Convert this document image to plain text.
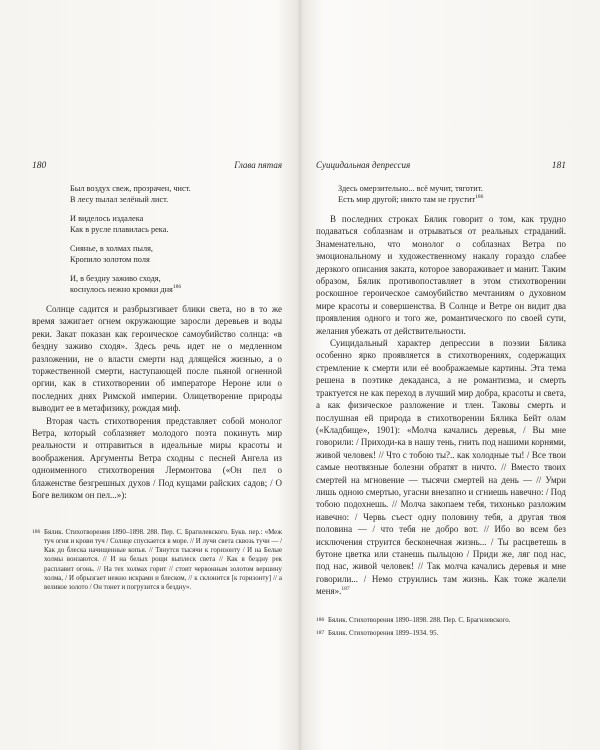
180	Глава пятая
Был воздух свеж, прозрачен, чист.
В лесу пылал зелёный лист.
И виделось издалека
Как в русле плавилась река.
Сиянье, в холмах пыля,
Кропило золотом поля
И, в бездну заживо сходя,
коснулось нежно кромки дня$^{186}$

Солнце садится и разбрызгивает блики света, но в то же время зажигает огнем окружающие заросли деревьев и воды реки. Закат показан как героическое самоубийство солнца: «в бездну заживо сходя». Здесь речь идет не о медленном разложении, не о власти смерти над длящейся жизнью, а о торжественной смерти, наступающей после пьяной огненной оргии, как в стихотворении об императоре Нероне или о последних днях Римской империи. Олицетворение природы выводит ее в метафизику, рождая миф.

Вторая часть стихотворения представляет собой монолог Ветра, который соблазняет молодого поэта покинуть мир реальности и отправиться в идеальные миры красоты и воображения. Аргументы Ветра сходны с песней Ангела из одноименного стихотворения Лермонтова («Он пел о блаженстве безгрешных духов / Под кущами райских садов; / О Боге великом он пел...»):

186 Бялик. Стихотворения 1890–1898. 288. Пер. С. Брагилевского. Букв. пер.: «Меж туч огня и крови туч / Солнце спускается в море. // И лучи света сквозь тучи — / Как до блеска начищенные копья. // Тянутся тысячи к горизонту / И на Белые холмы вонзаются. // И на белых рощи выплеск света // Как в бездну рек расплавит огонь. // На тех холмах горит // стоит червонным золотом вершину холма, / И обрызгает нежно искрами и блеском, // к склонится [к горизонту] // а великое золото / Он тонет и погрузится в бездну».
Суицидальная депрессия	181
Здесь омерзительно... всё мучит, тяготит.
Есть мир другой; никто там не грустит$^{186}$

В последних строках Бялик говорит о том, как трудно подаваться соблазнам и отрываться от реальных страданий. Знаменательно, что монолог о соблазнах Ветра по эмоциональному и художественному накалу гораздо слабее дерзкого описания заката, которое завораживает и манит. Таким образом, Бялик противопоставляет в этом стихотворении роскошное героическое самоубийство мечтаниям о духовном мире красоты и совершенства. В Солнце и Ветре он видит два проявления одного и того же, романтического по своей сути, желания убежать от действительности.

Суицидальный характер депрессии в поэзии Бялика особенно ярко проявляется в стихотворениях, содержащих стремление к смерти или её воображаемые картины. Эта тема решена в поэтике декаданса, а не романтизма, и смерть трактуется не как переход в лучший мир добра, красоты и света, а как физическое разложение и тлен. Таковы смерть и послушная ей природа в стихотворении Бялика Бейт олам («Кладбище», 1901): «Молча качались деревья, / Вы мне говорили: / Приходи-ка в нашу тень, гнить под нашими корнями, живой человек! // Что с тобою ты?.. как холодные ты! / Все твои самые неотвязные болезни обратят в ничто. // Вместо твоих смертей на мгновение — тысячи смертей на день — // Умри лишь одною смертью, угасни внезапно и сгниешь навечно: / Под тобою подохнешь. // Молча закопаем тебя, тихонько разложим навечно: / Червь съест одну половину тебя, а другая твоя половина — / что тебя не добро вот. // Ибо во всем без исключения струится бесконечная жизнь... / Ты расцветешь в бутоне цветка или станешь пыльцою / Приди же, ляг под нас, под нас, живой человек! // Так молча качались деревья и мне говорили... / Немо струились там жизнь. Как тоже жалели меня».$^{187}$

186 Бялик. Стихотворения 1890–1898. 288. Пер. С. Брагилевского.
187 Бялик. Стихотворения 1899–1934. 95.
